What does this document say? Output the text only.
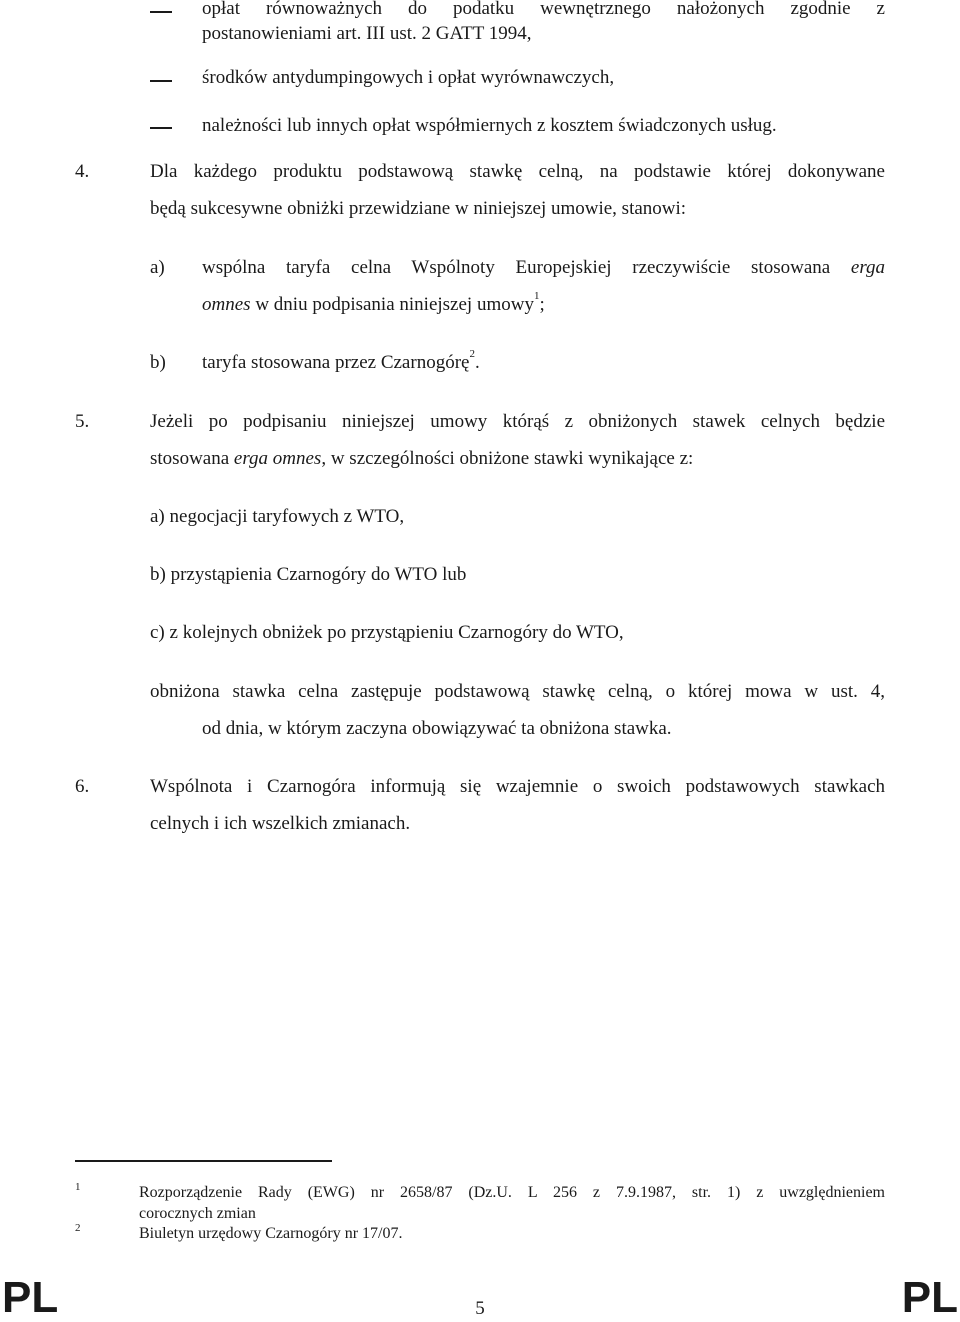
opłat równoważnych do podatku wewnętrznego nałożonych zgodnie z
postanowieniami art. III ust. 2 GATT 1994,
środków antydumpingowych i opłat wyrównawczych,
należności lub innych opłat współmiernych z kosztem świadczonych usług.
4.	Dla każdego produktu podstawową stawkę celną, na podstawie której dokonywane
będą sukcesywne obniżki przewidziane w niniejszej umowie, stanowi:
a) wspólna taryfa celna Wspólnoty Europejskiej rzeczywiście stosowana erga
omnes w dniu podpisania niniejszej umowy$^1$;
b) taryfa stosowana przez Czarnogórę$^2$.
5.	Jeżeli po podpisaniu niniejszej umowy którąś z obniżonych stawek celnych będzie
stosowana erga omnes, w szczególności obniżone stawki wynikające z:
a) negocjacji taryfowych z WTO,
b) przystąpienia Czarnogóry do WTO lub
c) z kolejnych obniżek po przystąpieniu Czarnogóry do WTO,
obniżona stawka celna zastępuje podstawową stawkę celną, o której mowa w ust. 4,
od dnia, w którym zaczyna obowiązywać ta obniżona stawka.
6.	Wspólnota i Czarnogóra informują się wzajemnie o swoich podstawowych stawkach
celnych i ich wszelkich zmianach.
1	Rozporządzenie Rady (EWG) nr 2658/87 (Dz.U. L 256 z 7.9.1987, str. 1) z uwzględnieniem
corocznych zmian
2	Biuletyn urzędowy Czarnogóry nr 17/07.
PL	5	PL
